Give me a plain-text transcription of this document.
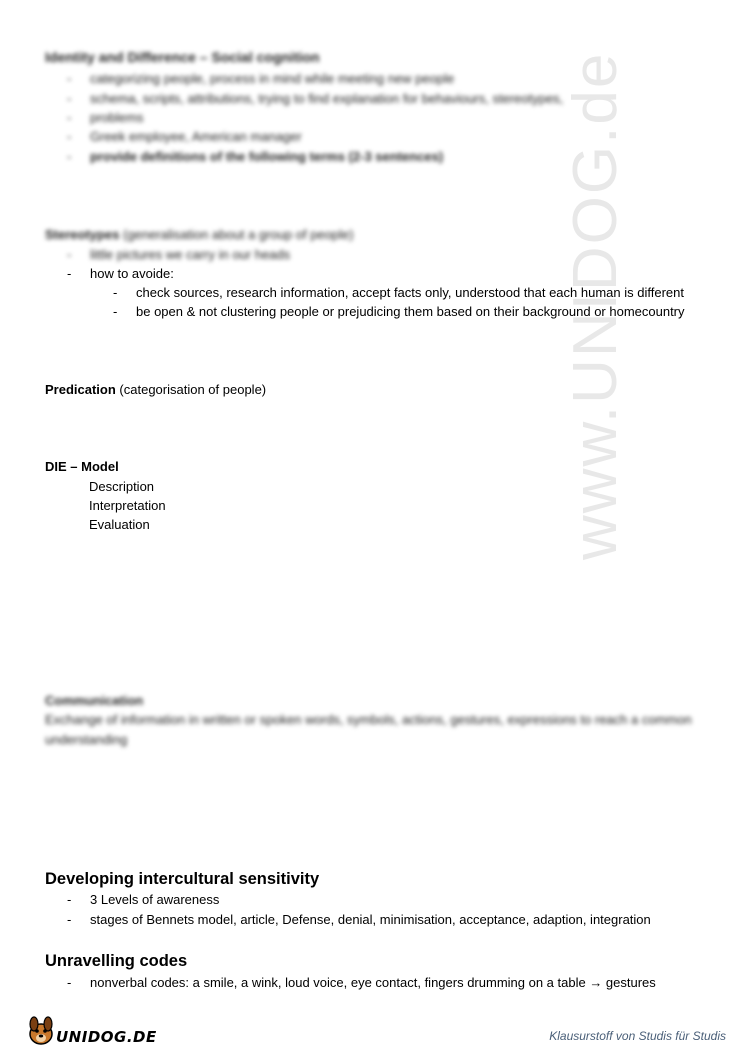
www.UNIDOG.de
Identity and Difference – Social cognition
- categorizing people, process in mind while meeting new people
- schema, scripts, attributions, trying to find explanation for behaviours, stereotypes,
- problems
- Greek employee, American manager
- provide definitions of the following terms (2-3 sentences)
Stereotypes (generalisation about a group of people)
- little pictures we carry in our heads
- how to avoide:
- check sources, research information, accept facts only, understood that each human is different
- be open & not clustering people or prejudicing them based on their background or homecountry
Predication (categorisation of people)
DIE – Model
Description
Interpretation
Evaluation
Communication
Exchange of information in written or spoken words, symbols, actions, gestures, expressions to reach a common
understanding
Developing intercultural sensitivity
- 3 Levels of awareness
- stages of Bennets model, article, Defense, denial, minimisation, acceptance, adaption, integration
Unravelling codes
- nonverbal codes: a smile, a wink, loud voice, eye contact, fingers drumming on a table → gestures
UNIDOG.DE	Klausurstoff von Studis für Studis
